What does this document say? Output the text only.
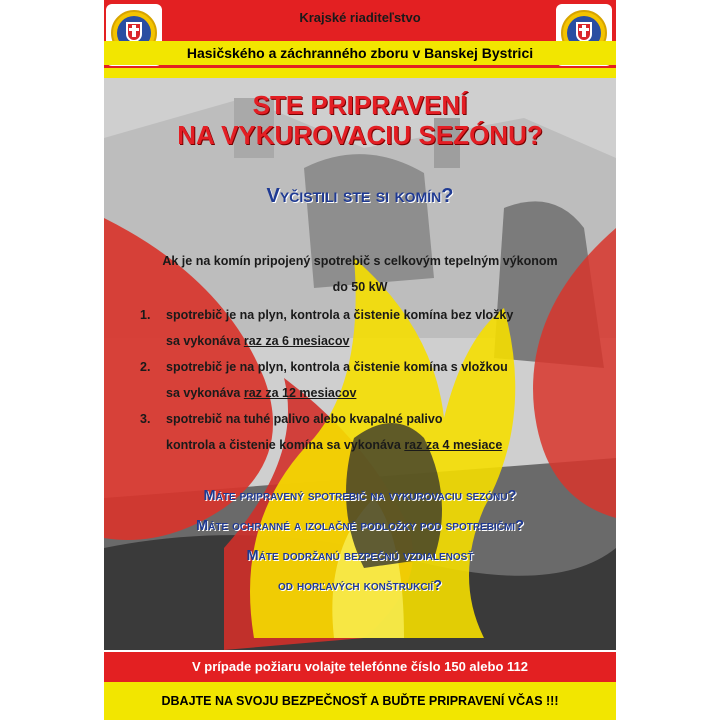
Krajské riaditeľstvo
Hasičského a záchranného zboru v Banskej Bystrici
STE PRIPRAVENÍ
NA VYKUROVACIU SEZÓNU?
Vyčistili ste si komín?
Ak je na komín pripojený spotrebič s celkovým tepelným výkonom
do 50 kW
1. spotrebič je na plyn, kontrola a čistenie komína bez vložky
sa vykonáva raz za 6 mesiacov
2. spotrebič je na plyn, kontrola a čistenie komína s vložkou
sa vykonáva raz za 12 mesiacov
3. spotrebič na tuhé palivo alebo kvapalné palivo
kontrola a čistenie komína sa vykonáva raz za 4 mesiace
Máte pripravený spotrebič na vykurovaciu sezónu?
Máte ochranné a izolačné podložky pod spotrebičmi?
Máte dodržanú bezpečnú vzdialenosť
od horľavých konštrukcií?
V prípade požiaru volajte telefónne číslo 150 alebo 112
DBAJTE NA SVOJU BEZPEČNOSŤ A BUĎTE PRIPRAVENÍ VČAS !!!
